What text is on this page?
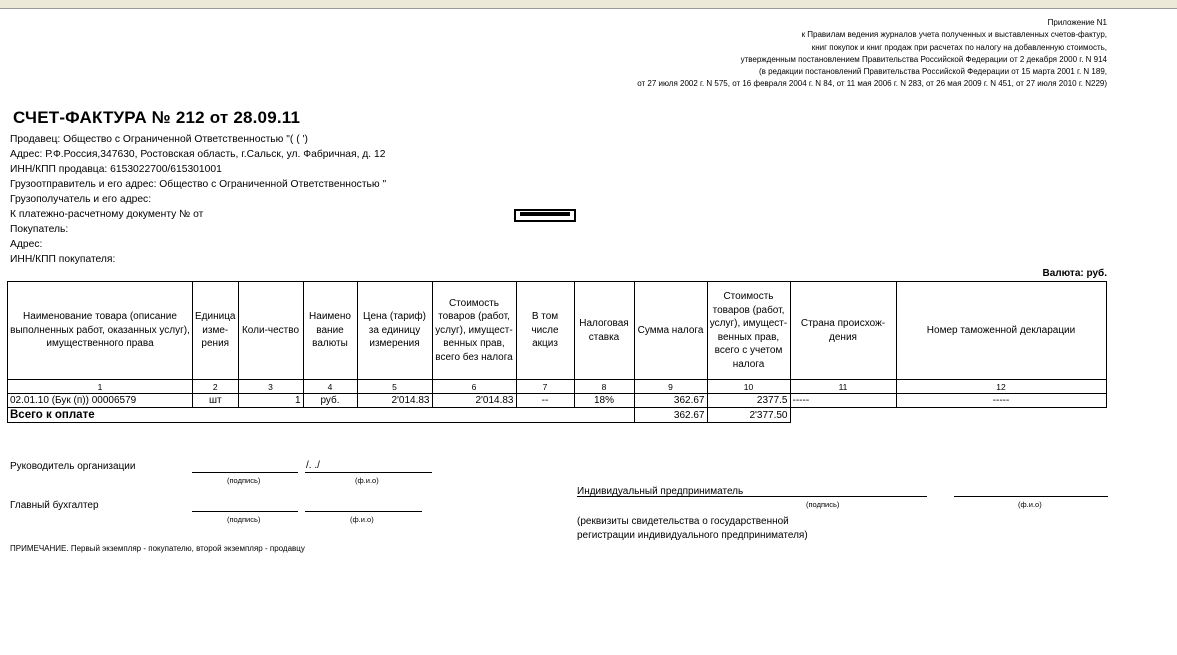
Приложение N1
к Правилам ведения журналов учета полученных и выставленных счетов-фактур,
книг покупок и книг продаж при расчетах по налогу на добавленную стоимость,
утвержденным постановлением Правительства Российской Федерации от 2 декабря 2000 г. N 914
(в редакции постановлений Правительства Российской Федерации от 15 марта 2001 г. N 189,
от 27 июля 2002 г. N 575, от 16 февраля 2004 г. N 84, от 11 мая 2006 г. N 283, от 26 мая 2009 г. N 451, от 27 июля 2010 г. N229)
СЧЕТ-ФАКТУРА № 212 от 28.09.11
Продавец: Общество с Ограниченной Ответственностью "( ( ')
Адрес: Р.Ф.Россия,347630, Ростовская область, г.Сальск, ул. Фабричная, д. 12
ИНН/КПП продавца: 6153022700/615301001
Грузоотправитель и его адрес: Общество с Ограниченной Ответственностью "
Грузополучатель и его адрес:
К платежно-расчетному документу № от
Покупатель:
Адрес:
ИНН/КПП покупателя:
Валюта: руб.
Наименование товара (описание выполненных работ, оказанных услуг), имущественного права	Единица изме-рения	Коли-чество	Наимено вание валюты	Цена (тариф) за единицу измерения	Стоимость товаров (работ, услуг), имущест-венных прав, всего без налога	В том числе акциз	Налоговая ставка	Сумма налога	Стоимость товаров (работ, услуг), имущест-венных прав, всего с учетом налога	Страна происхож-дения	Номер таможенной декларации
1	2	3	4	5	6	7	8	9	10	11	12
02.01.10 (Бук (п)) 00006579	шт	1	руб.	2'014.83	2'014.83	--	18%	362.67	2377.5	-----	-----
Всего к оплате								362.67	2'377.50		
Руководитель организации	/. ./
(подпись)	(ф.и.о)
Главный бухгалтер
(подпись)	(ф.и.о)
Индивидуальный предприниматель
(подпись)	(ф.и.о)
(реквизиты свидетельства о государственной
регистрации индивидуального предпринимателя)
ПРИМЕЧАНИЕ. Первый экземпляр - покупателю, второй экземпляр - продавцу
